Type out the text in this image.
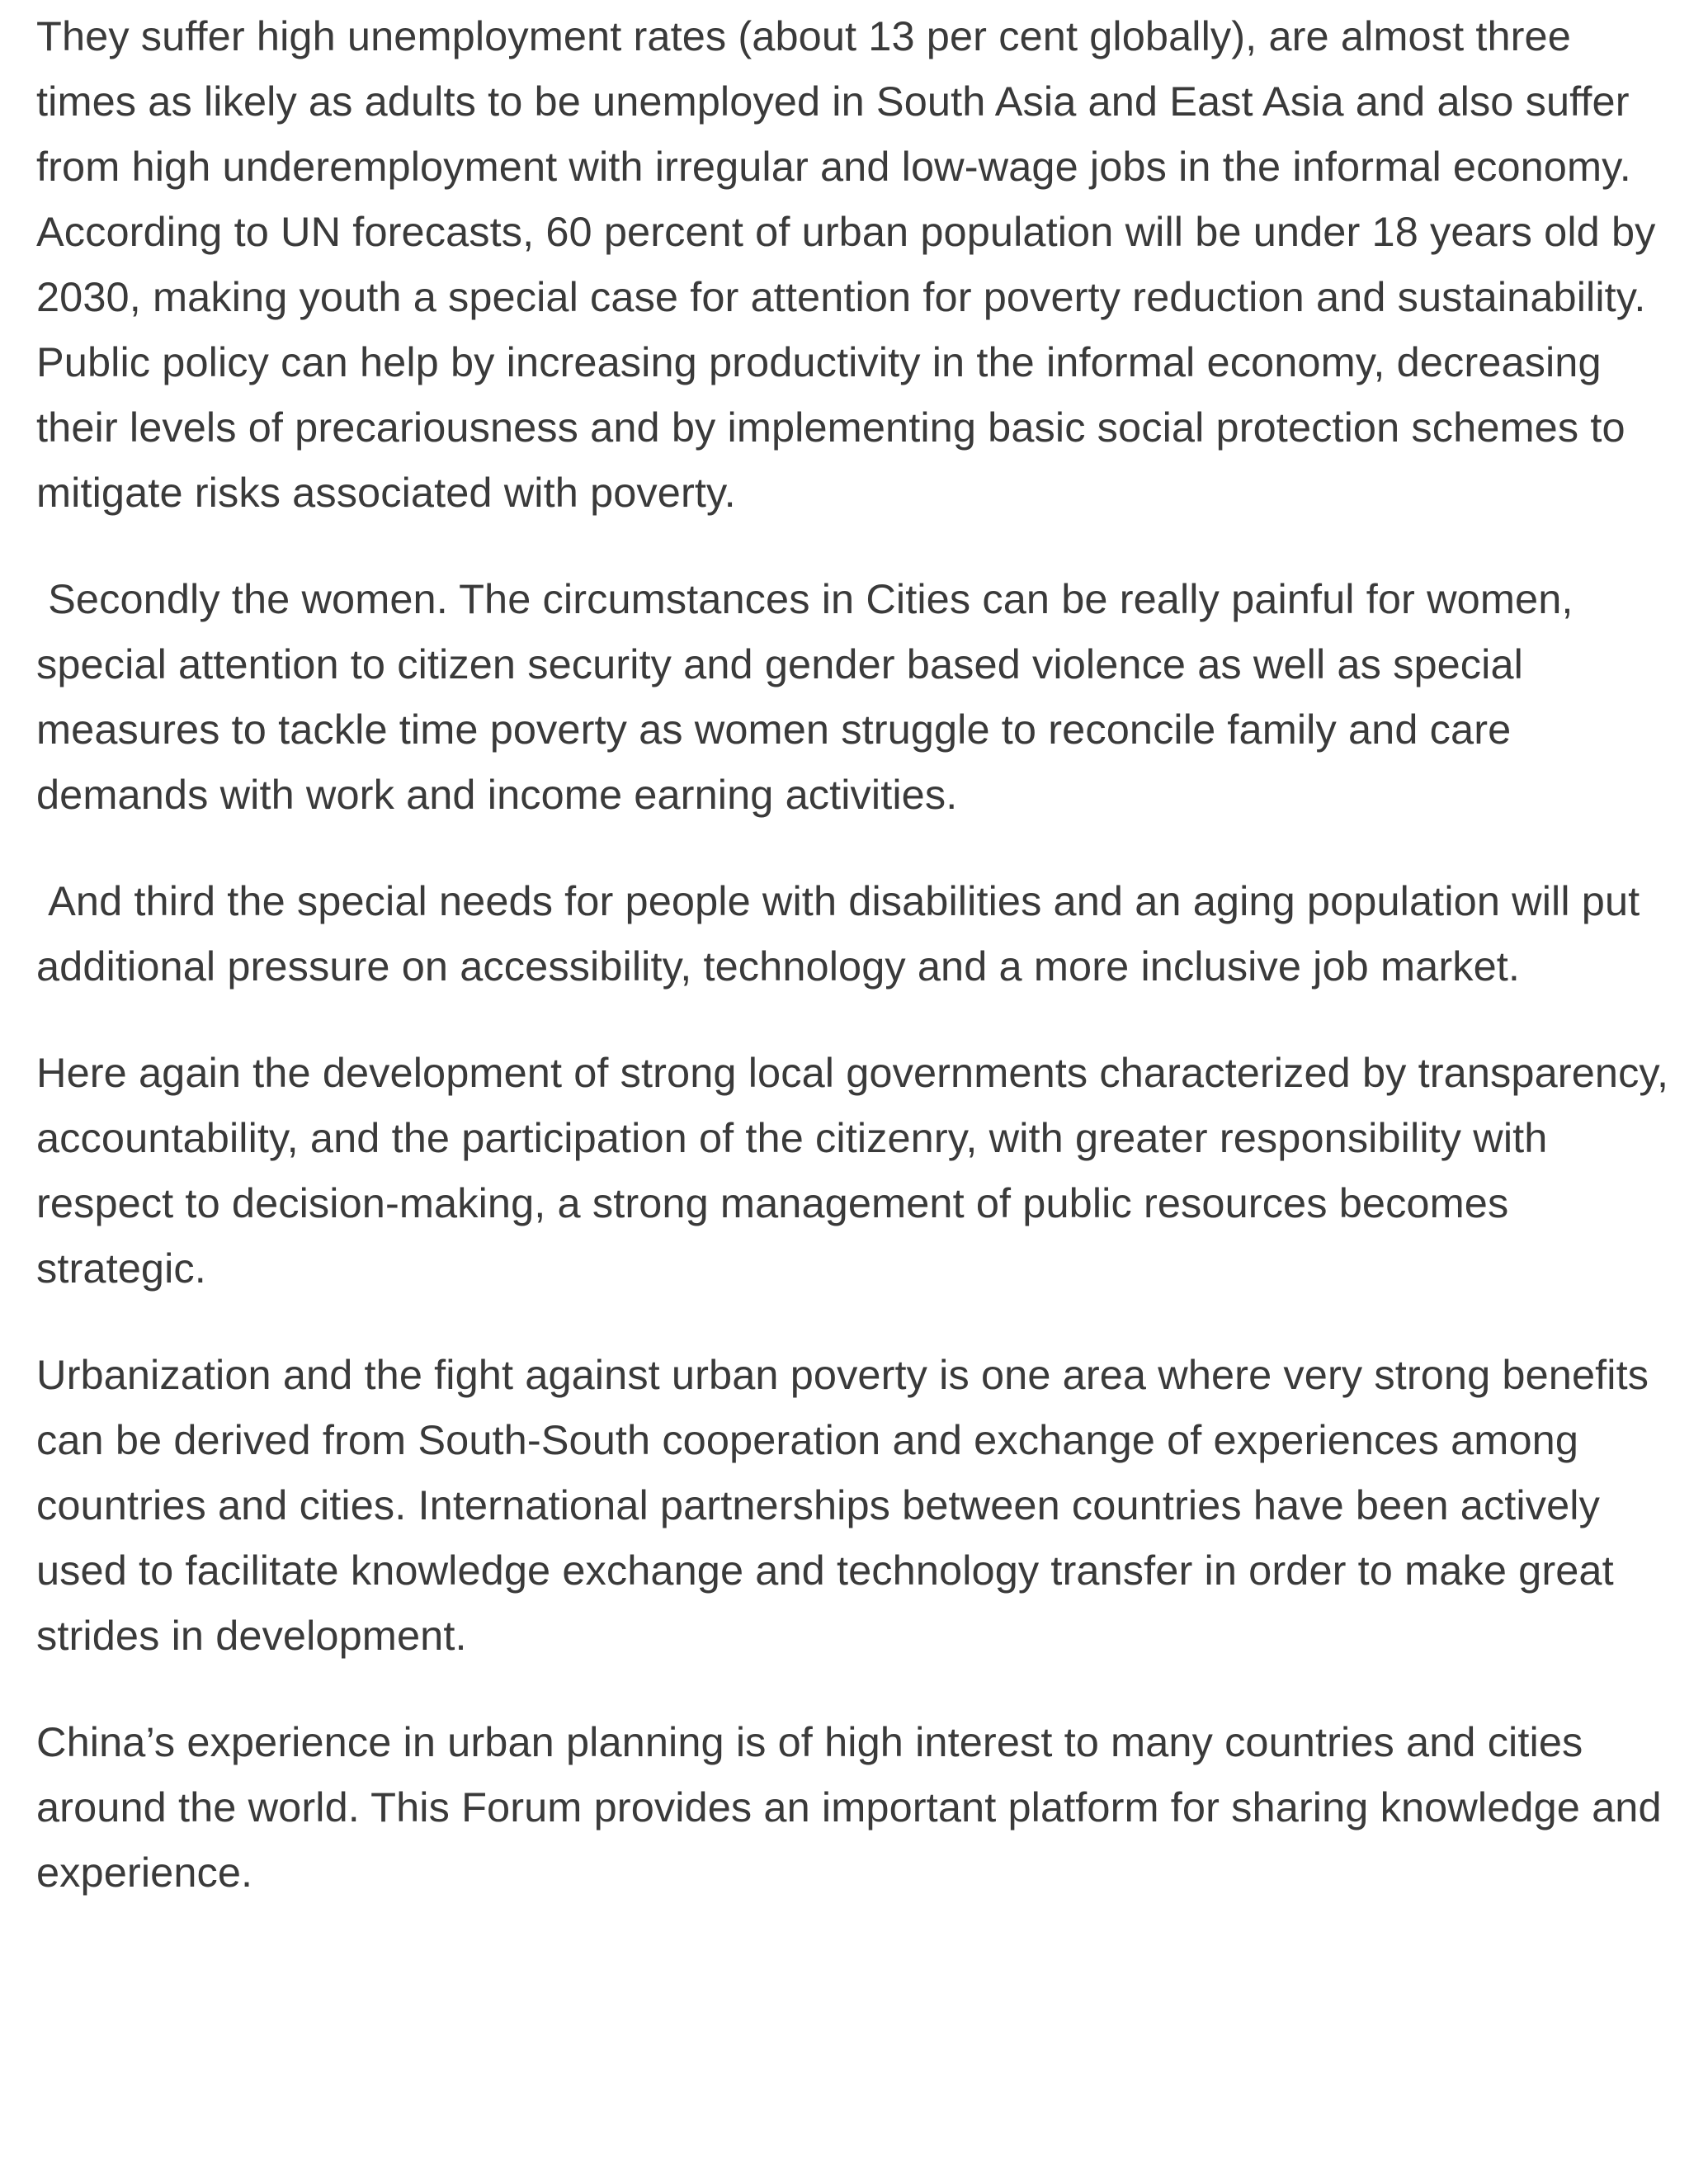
They suffer high unemployment rates (about 13 per cent globally), are almost three times as likely as adults to be unemployed in South Asia and East Asia and also suffer from high underemployment with irregular and low-wage jobs in the informal economy.  According to UN forecasts, 60 percent of urban population will be under 18 years old by 2030, making youth a special case for attention for poverty reduction and sustainability.

Public policy can help by increasing productivity in the informal economy, decreasing their levels of precariousness and by implementing basic social protection schemes to mitigate risks associated with poverty.

Secondly the women. The circumstances in Cities can be really painful for women, special attention to citizen security and gender based violence as well as special measures to tackle time poverty as women struggle to reconcile family and care demands with work and income earning activities.

And third the special needs for people with disabilities and an aging population will put additional pressure on accessibility, technology and a more inclusive job market.

Here again the development of strong local governments characterized by transparency, accountability, and the participation of the citizenry, with greater responsibility with respect to decision-making, a strong management of public resources becomes strategic.

Urbanization and the fight against urban poverty is one area where very strong benefits can be derived from South-South cooperation and exchange of experiences among countries and cities. International partnerships between countries have been actively used to facilitate knowledge exchange and technology transfer in order to make great strides in development.

China’s experience in urban planning is of high interest to many countries and cities around the world. This Forum provides an important platform for sharing knowledge and experience.
